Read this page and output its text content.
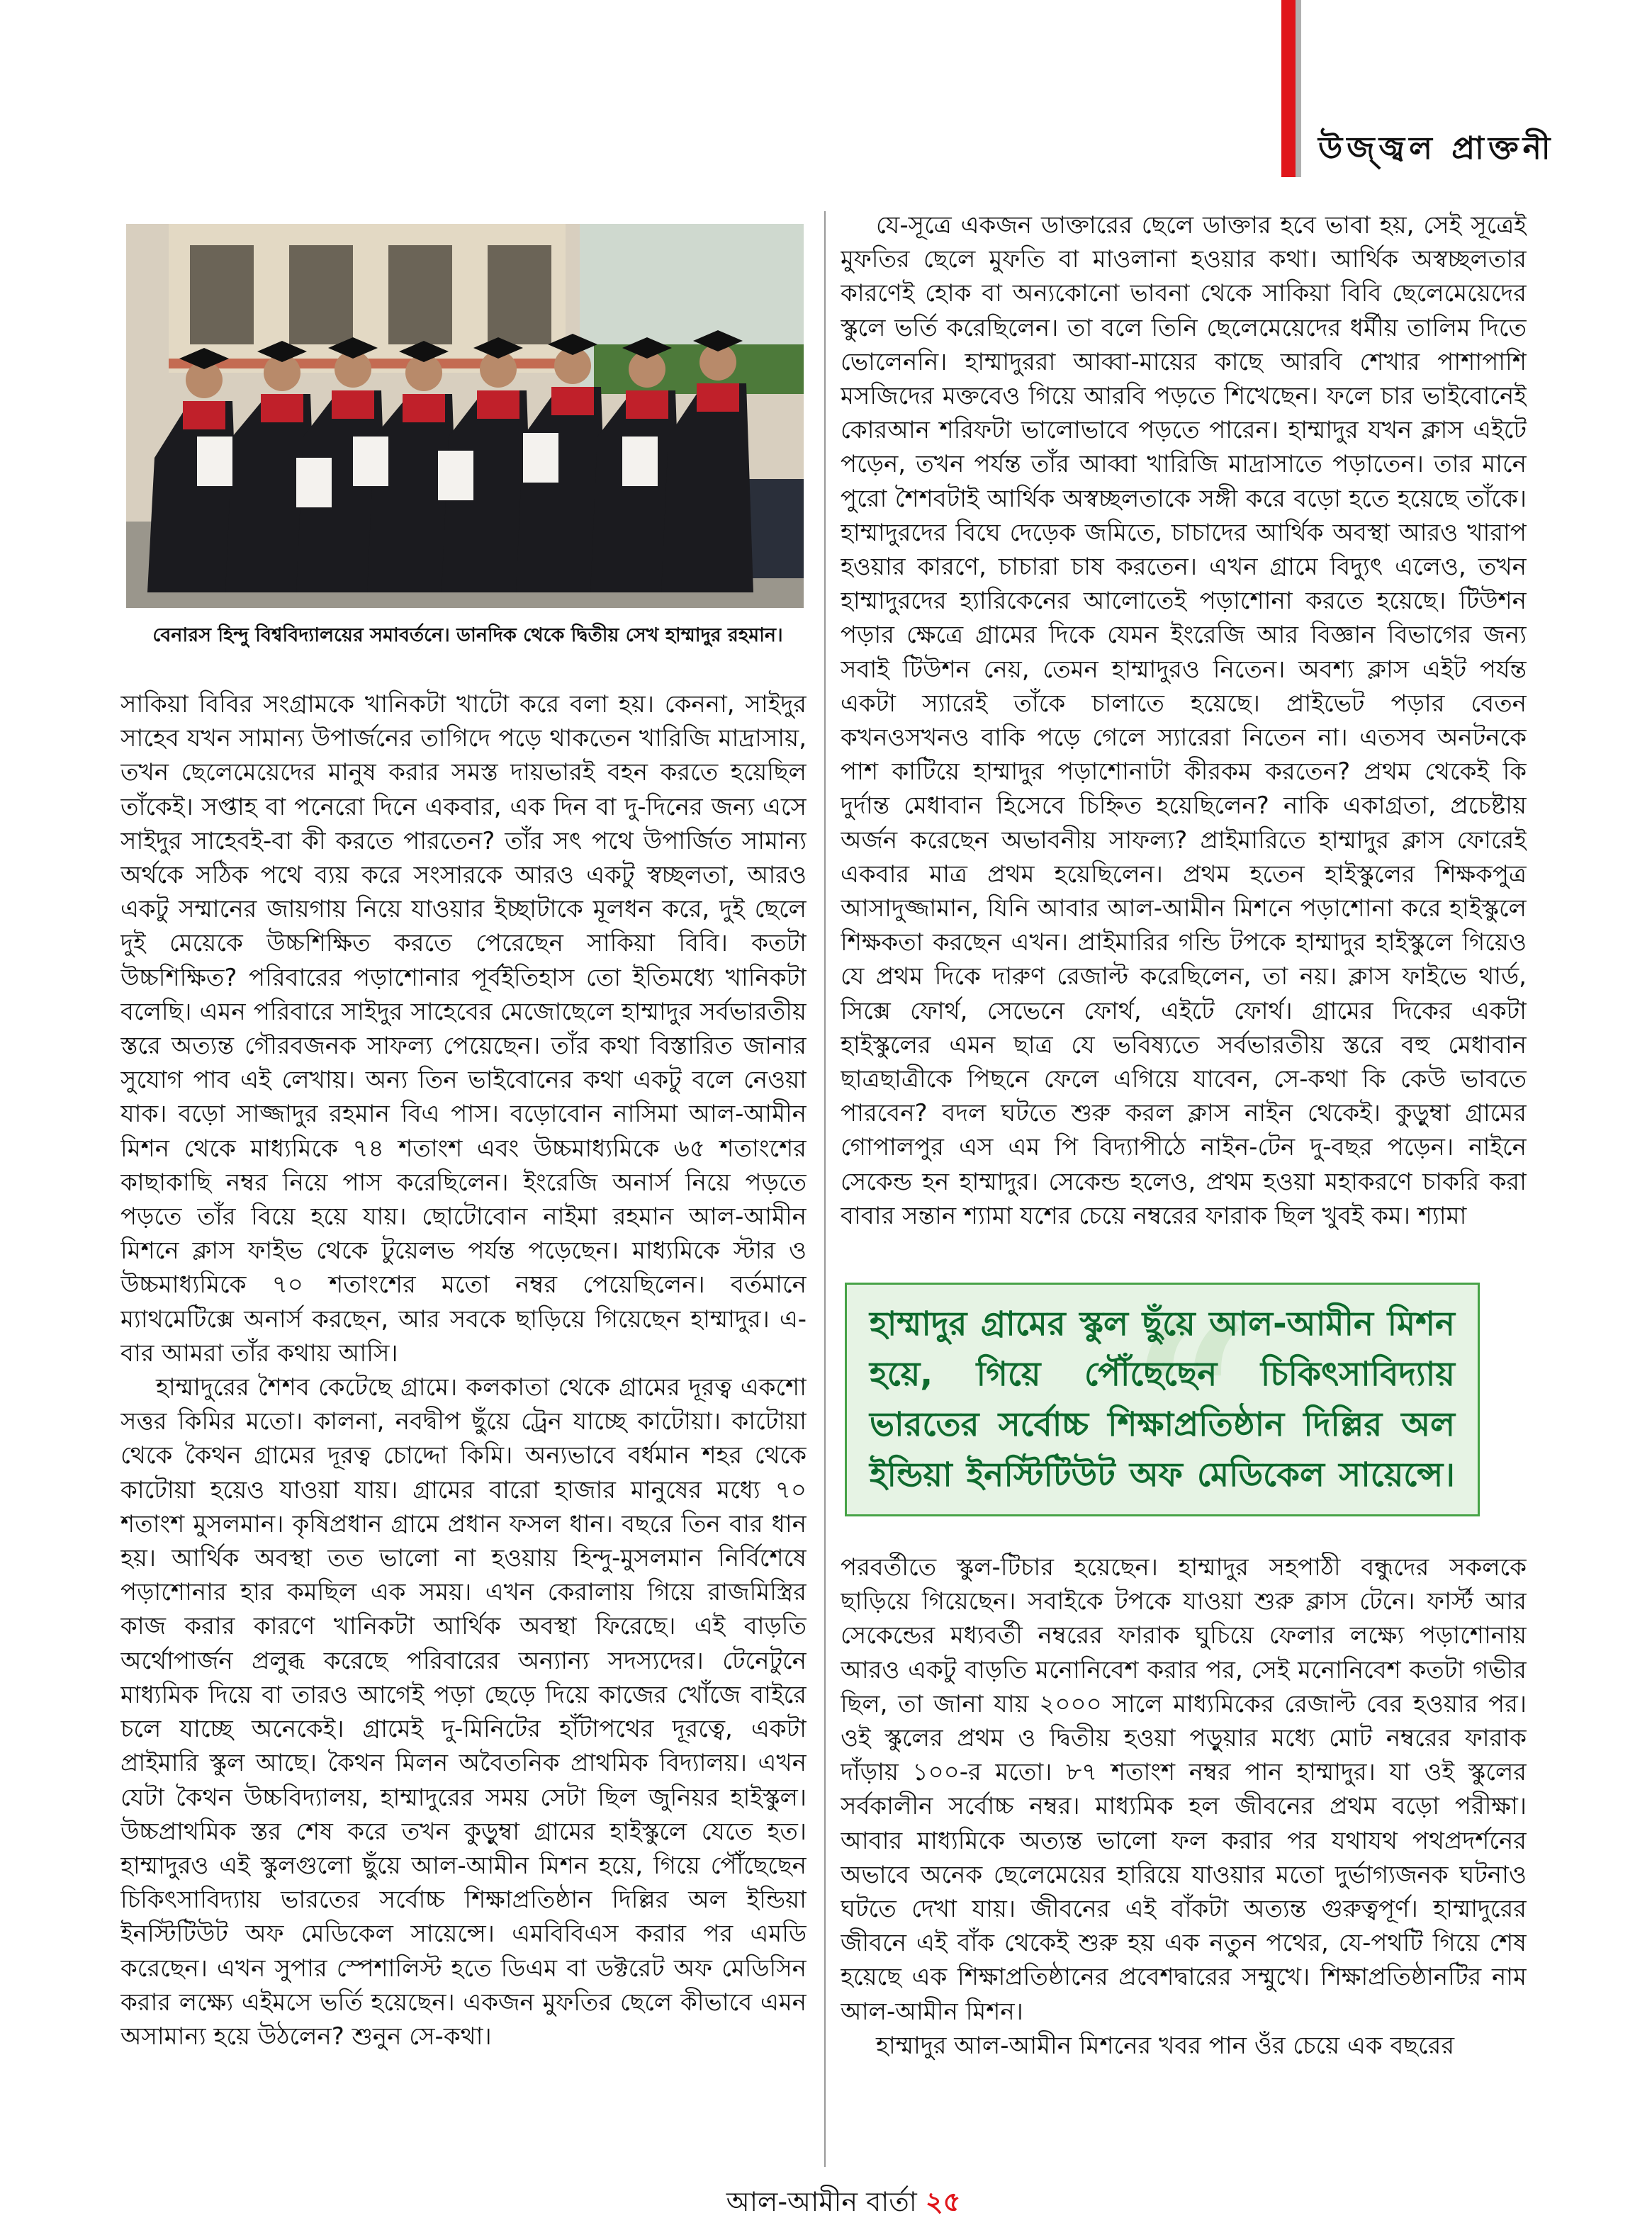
উজ্জ্বল প্রাক্তনী
বেনারস হিন্দু বিশ্ববিদ্যালয়ের সমাবর্তনে। ডানদিক থেকে দ্বিতীয় সেখ হাম্মাদুর রহমান।

সাকিয়া বিবির সংগ্রামকে খানিকটা খাটো করে বলা হয়। কেননা, সাইদুর সাহেব যখন সামান্য উপার্জনের তাগিদে পড়ে থাকতেন খারিজি মাদ্রাসায়, তখন ছেলেমেয়েদের মানুষ করার সমস্ত দায়ভারই বহন করতে হয়েছিল তাঁকেই। সপ্তাহ বা পনেরো দিনে একবার, এক দিন বা দু-দিনের জন্য এসে সাইদুর সাহেবই-বা কী করতে পারতেন? তাঁর সৎ পথে উপার্জিত সামান্য অর্থকে সঠিক পথে ব্যয় করে সংসারকে আরও একটু স্বচ্ছলতা, আরও একটু সম্মানের জায়গায় নিয়ে যাওয়ার ইচ্ছাটাকে মূলধন করে, দুই ছেলে দুই মেয়েকে উচ্চশিক্ষিত করতে পেরেছেন সাকিয়া বিবি। কতটা উচ্চশিক্ষিত? পরিবারের পড়াশোনার পূর্বইতিহাস তো ইতিমধ্যে খানিকটা বলেছি। এমন পরিবারে সাইদুর সাহেবের মেজোছেলে হাম্মাদুর সর্বভারতীয় স্তরে অত্যন্ত গৌরবজনক সাফল্য পেয়েছেন। তাঁর কথা বিস্তারিত জানার সুযোগ পাব এই লেখায়। অন্য তিন ভাইবোনের কথা একটু বলে নেওয়া যাক। বড়ো সাজ্জাদুর রহমান বিএ পাস। বড়োবোন নাসিমা আল-আমীন মিশন থেকে মাধ্যমিকে ৭৪ শতাংশ এবং উচ্চমাধ্যমিকে ৬৫ শতাংশের কাছাকাছি নম্বর নিয়ে পাস করেছিলেন। ইংরেজি অনার্স নিয়ে পড়তে পড়তে তাঁর বিয়ে হয়ে যায়। ছোটোবোন নাইমা রহমান আল-আমীন মিশনে ক্লাস ফাইভ থেকে টুয়েলভ পর্যন্ত পড়েছেন। মাধ্যমিকে স্টার ও উচ্চমাধ্যমিকে ৭০ শতাংশের মতো নম্বর পেয়েছিলেন। বর্তমানে ম্যাথমেটিক্সে অনার্স করছেন, আর সবকে ছাড়িয়ে গিয়েছেন হাম্মাদুর। এ-বার আমরা তাঁর কথায় আসি।

হাম্মাদুরের শৈশব কেটেছে গ্রামে। কলকাতা থেকে গ্রামের দূরত্ব একশো সত্তর কিমির মতো। কালনা, নবদ্বীপ ছুঁয়ে ট্রেন যাচ্ছে কাটোয়া। কাটোয়া থেকে কৈথন গ্রামের দূরত্ব চোদ্দো কিমি। অন্যভাবে বর্ধমান শহর থেকে কাটোয়া হয়েও যাওয়া যায়। গ্রামের বারো হাজার মানুষের মধ্যে ৭০ শতাংশ মুসলমান। কৃষিপ্রধান গ্রামে প্রধান ফসল ধান। বছরে তিন বার ধান হয়। আর্থিক অবস্থা তত ভালো না হওয়ায় হিন্দু-মুসলমান নির্বিশেষে পড়াশোনার হার কমছিল এক সময়। এখন কেরালায় গিয়ে রাজমিস্ত্রির কাজ করার কারণে খানিকটা আর্থিক অবস্থা ফিরেছে। এই বাড়তি অর্থোপার্জন প্রলুব্ধ করেছে পরিবারের অন্যান্য সদস্যদের। টেনেটুনে মাধ্যমিক দিয়ে বা তারও আগেই পড়া ছেড়ে দিয়ে কাজের খোঁজে বাইরে চলে যাচ্ছে অনেকেই। গ্রামেই দু-মিনিটের হাঁটাপথের দূরত্বে, একটা প্রাইমারি স্কুল আছে। কৈথন মিলন অবৈতনিক প্রাথমিক বিদ্যালয়। এখন যেটা কৈথন উচ্চবিদ্যালয়, হাম্মাদুরের সময় সেটা ছিল জুনিয়র হাইস্কুল। উচ্চপ্রাথমিক স্তর শেষ করে তখন কুড়ুম্বা গ্রামের হাইস্কুলে যেতে হত। হাম্মাদুরও এই স্কুলগুলো ছুঁয়ে আল-আমীন মিশন হয়ে, গিয়ে পৌঁছেছেন চিকিৎসাবিদ্যায় ভারতের সর্বোচ্চ শিক্ষাপ্রতিষ্ঠান দিল্লির অল ইন্ডিয়া ইনস্টিটিউট অফ মেডিকেল সায়েন্সে। এমবিবিএস করার পর এমডি করেছেন। এখন সুপার স্পেশালিস্ট হতে ডিএম বা ডক্টরেট অফ মেডিসিন করার লক্ষ্যে এইমসে ভর্তি হয়েছেন। একজন মুফতির ছেলে কীভাবে এমন অসামান্য হয়ে উঠলেন? শুনুন সে-কথা।

যে-সূত্রে একজন ডাক্তারের ছেলে ডাক্তার হবে ভাবা হয়, সেই সূত্রেই মুফতির ছেলে মুফতি বা মাওলানা হওয়ার কথা। আর্থিক অস্বচ্ছলতার কারণেই হোক বা অন্যকোনো ভাবনা থেকে সাকিয়া বিবি ছেলেমেয়েদের স্কুলে ভর্তি করেছিলেন। তা বলে তিনি ছেলেমেয়েদের ধর্মীয় তালিম দিতে ভোলেননি। হাম্মাদুররা আব্বা-মায়ের কাছে আরবি শেখার পাশাপাশি মসজিদের মক্তবেও গিয়ে আরবি পড়তে শিখেছেন। ফলে চার ভাইবোনেই কোরআন শরিফটা ভালোভাবে পড়তে পারেন। হাম্মাদুর যখন ক্লাস এইটে পড়েন, তখন পর্যন্ত তাঁর আব্বা খারিজি মাদ্রাসাতে পড়াতেন। তার মানে পুরো শৈশবটাই আর্থিক অস্বচ্ছলতাকে সঙ্গী করে বড়ো হতে হয়েছে তাঁকে। হাম্মাদুরদের বিঘে দেড়েক জমিতে, চাচাদের আর্থিক অবস্থা আরও খারাপ হওয়ার কারণে, চাচারা চাষ করতেন। এখন গ্রামে বিদ্যুৎ এলেও, তখন হাম্মাদুরদের হ্যারিকেনের আলোতেই পড়াশোনা করতে হয়েছে। টিউশন পড়ার ক্ষেত্রে গ্রামের দিকে যেমন ইংরেজি আর বিজ্ঞান বিভাগের জন্য সবাই টিউশন নেয়, তেমন হাম্মাদুরও নিতেন। অবশ্য ক্লাস এইট পর্যন্ত একটা স্যারেই তাঁকে চালাতে হয়েছে। প্রাইভেট পড়ার বেতন কখনওসখনও বাকি পড়ে গেলে স্যারেরা নিতেন না। এতসব অনটনকে পাশ কাটিয়ে হাম্মাদুর পড়াশোনাটা কীরকম করতেন? প্রথম থেকেই কি দুর্দান্ত মেধাবান হিসেবে চিহ্নিত হয়েছিলেন? নাকি একাগ্রতা, প্রচেষ্টায় অর্জন করেছেন অভাবনীয় সাফল্য? প্রাইমারিতে হাম্মাদুর ক্লাস ফোরেই একবার মাত্র প্রথম হয়েছিলেন। প্রথম হতেন হাইস্কুলের শিক্ষকপুত্র আসাদুজ্জামান, যিনি আবার আল-আমীন মিশনে পড়াশোনা করে হাইস্কুলে শিক্ষকতা করছেন এখন। প্রাইমারির গন্ডি টপকে হাম্মাদুর হাইস্কুলে গিয়েও যে প্রথম দিকে দারুণ রেজাল্ট করেছিলেন, তা নয়। ক্লাস ফাইভে থার্ড, সিক্সে ফোর্থ, সেভেনে ফোর্থ, এইটে ফোর্থ। গ্রামের দিকের একটা হাইস্কুলের এমন ছাত্র যে ভবিষ্যতে সর্বভারতীয় স্তরে বহু মেধাবান ছাত্রছাত্রীকে পিছনে ফেলে এগিয়ে যাবেন, সে-কথা কি কেউ ভাবতে পারবেন? বদল ঘটতে শুরু করল ক্লাস নাইন থেকেই। কুড়ুম্বা গ্রামের গোপালপুর এস এম পি বিদ্যাপীঠে নাইন-টেন দু-বছর পড়েন। নাইনে সেকেন্ড হন হাম্মাদুর। সেকেন্ড হলেও, প্রথম হওয়া মহাকরণে চাকরি করা বাবার সন্তান শ্যামা যশের চেয়ে নম্বরের ফারাক ছিল খুবই কম। শ্যামা

“
হাম্মাদুর গ্রামের স্কুল ছুঁয়ে আল-আমীন মিশন হয়ে, গিয়ে পৌঁছেছেন চিকিৎসাবিদ্যায় ভারতের সর্বোচ্চ শিক্ষাপ্রতিষ্ঠান দিল্লির অল ইন্ডিয়া ইনস্টিটিউট অফ মেডিকেল সায়েন্সে।

পরবর্তীতে স্কুল-টিচার হয়েছেন। হাম্মাদুর সহপাঠী বন্ধুদের সকলকে ছাড়িয়ে গিয়েছেন। সবাইকে টপকে যাওয়া শুরু ক্লাস টেনে। ফার্স্ট আর সেকেন্ডের মধ্যবর্তী নম্বরের ফারাক ঘুচিয়ে ফেলার লক্ষ্যে পড়াশোনায় আরও একটু বাড়তি মনোনিবেশ করার পর, সেই মনোনিবেশ কতটা গভীর ছিল, তা জানা যায় ২০০০ সালে মাধ্যমিকের রেজাল্ট বের হওয়ার পর। ওই স্কুলের প্রথম ও দ্বিতীয় হওয়া পড়ুয়ার মধ্যে মোট নম্বরের ফারাক দাঁড়ায় ১০০-র মতো। ৮৭ শতাংশ নম্বর পান হাম্মাদুর। যা ওই স্কুলের সর্বকালীন সর্বোচ্চ নম্বর। মাধ্যমিক হল জীবনের প্রথম বড়ো পরীক্ষা। আবার মাধ্যমিকে অত্যন্ত ভালো ফল করার পর যথাযথ পথপ্রদর্শনের অভাবে অনেক ছেলেমেয়ের হারিয়ে যাওয়ার মতো দুর্ভাগ্যজনক ঘটনাও ঘটতে দেখা যায়। জীবনের এই বাঁকটা অত্যন্ত গুরুত্বপূর্ণ। হাম্মাদুরের জীবনে এই বাঁক থেকেই শুরু হয় এক নতুন পথের, যে-পথটি গিয়ে শেষ হয়েছে এক শিক্ষাপ্রতিষ্ঠানের প্রবেশদ্বারের সম্মুখে। শিক্ষাপ্রতিষ্ঠানটির নাম আল-আমীন মিশন।

হাম্মাদুর আল-আমীন মিশনের খবর পান ওঁর চেয়ে এক বছরের

আল-আমীন বার্তা ২৫
